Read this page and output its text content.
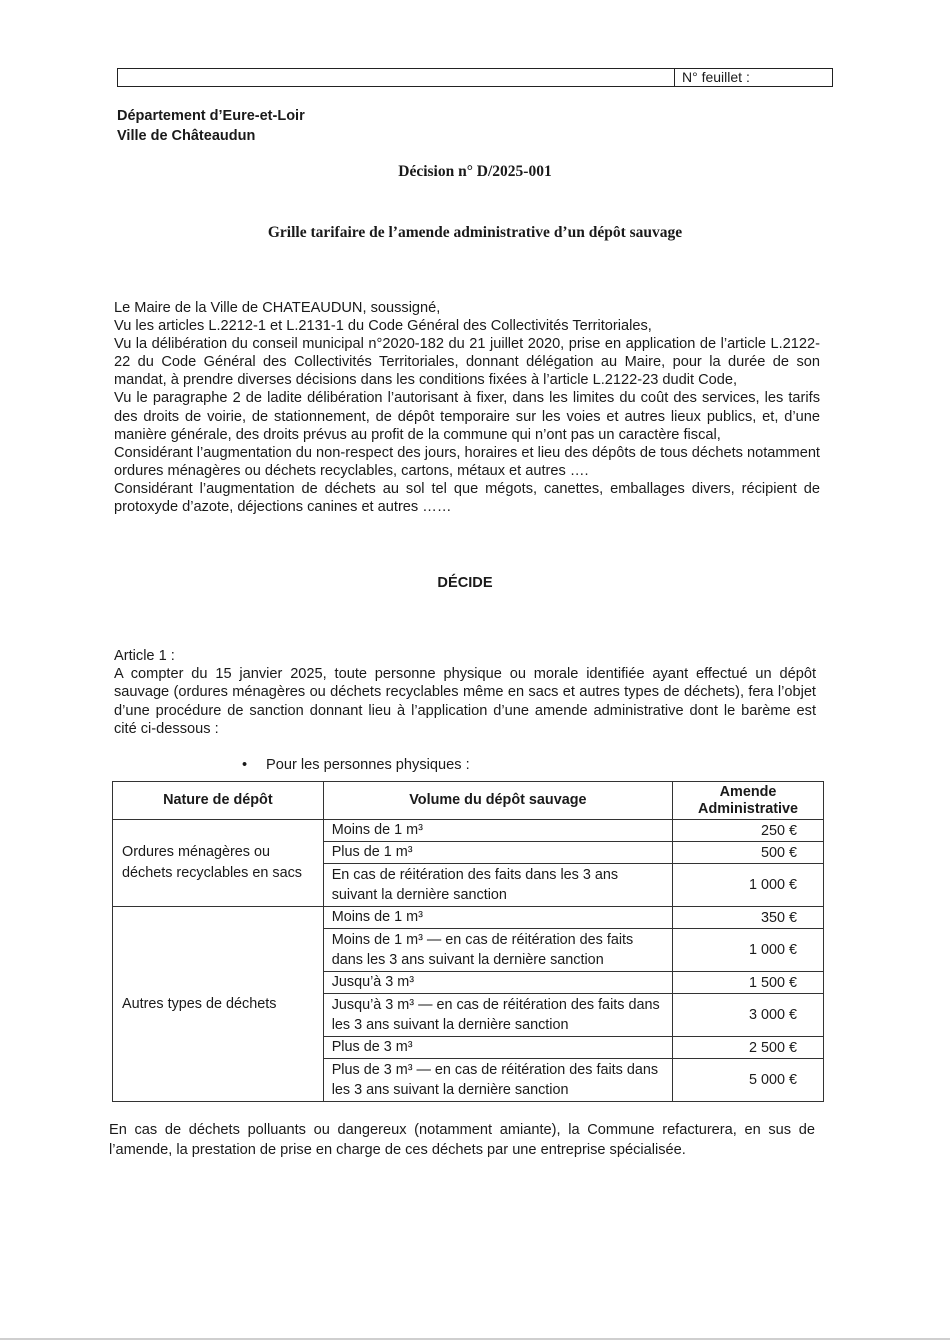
N° feuillet :
Département d’Eure-et-Loir
Ville de Châteaudun
Décision n° D/2025-001
Grille tarifaire de l’amende administrative d’un dépôt sauvage

Le Maire de la Ville de CHATEAUDUN, soussigné,

Vu les articles L.2212-1 et L.2131-1 du Code Général des Collectivités Territoriales,

Vu la délibération du conseil municipal n°2020-182 du 21 juillet 2020, prise en application de l’article L.2122-22 du Code Général des Collectivités Territoriales, donnant délégation au Maire, pour la durée de son mandat, à prendre diverses décisions dans les conditions fixées à l’article L.2122-23 dudit Code,

Vu le paragraphe 2 de ladite délibération l’autorisant à fixer, dans les limites du coût des services, les tarifs des droits de voirie, de stationnement, de dépôt temporaire sur les voies et autres lieux publics, et, d’une manière générale, des droits prévus au profit de la commune qui n’ont pas un caractère fiscal,

Considérant l’augmentation du non-respect des jours, horaires et lieu des dépôts de tous déchets notamment ordures ménagères ou déchets recyclables, cartons, métaux et autres ….

Considérant l’augmentation de déchets au sol tel que mégots, canettes, emballages divers, récipient de protoxyde d’azote, déjections canines et autres ……

DÉCIDE

Article 1 :

A compter du 15 janvier 2025, toute personne physique ou morale identifiée ayant effectué un dépôt sauvage (ordures ménagères ou déchets recyclables même en sacs et autres types de déchets), fera l’objet d’une procédure de sanction donnant lieu à l’application d’une amende administrative dont le barème est cité ci-dessous :

• Pour les personnes physiques :
Nature de dépôt	Volume du dépôt sauvage	Amende Administrative
Ordures ménagères ou déchets recyclables en sacs	Moins de 1 m³	250 €
	Plus de 1 m³	500 €
	En cas de réitération des faits dans les 3 ans suivant la dernière sanction	1 000 €
Autres types de déchets	Moins de 1 m³	350 €
	Moins de 1 m³ — en cas de réitération des faits dans les 3 ans suivant la dernière sanction	1 000 €
	Jusqu’à 3 m³	1 500 €
	Jusqu’à 3 m³ — en cas de réitération des faits dans les 3 ans suivant la dernière sanction	3 000 €
	Plus de 3 m³	2 500 €
	Plus de 3 m³ — en cas de réitération des faits dans les 3 ans suivant la dernière sanction	5 000 €

En cas de déchets polluants ou dangereux (notamment amiante), la Commune refacturera, en sus de l’amende, la prestation de prise en charge de ces déchets par une entreprise spécialisée.
